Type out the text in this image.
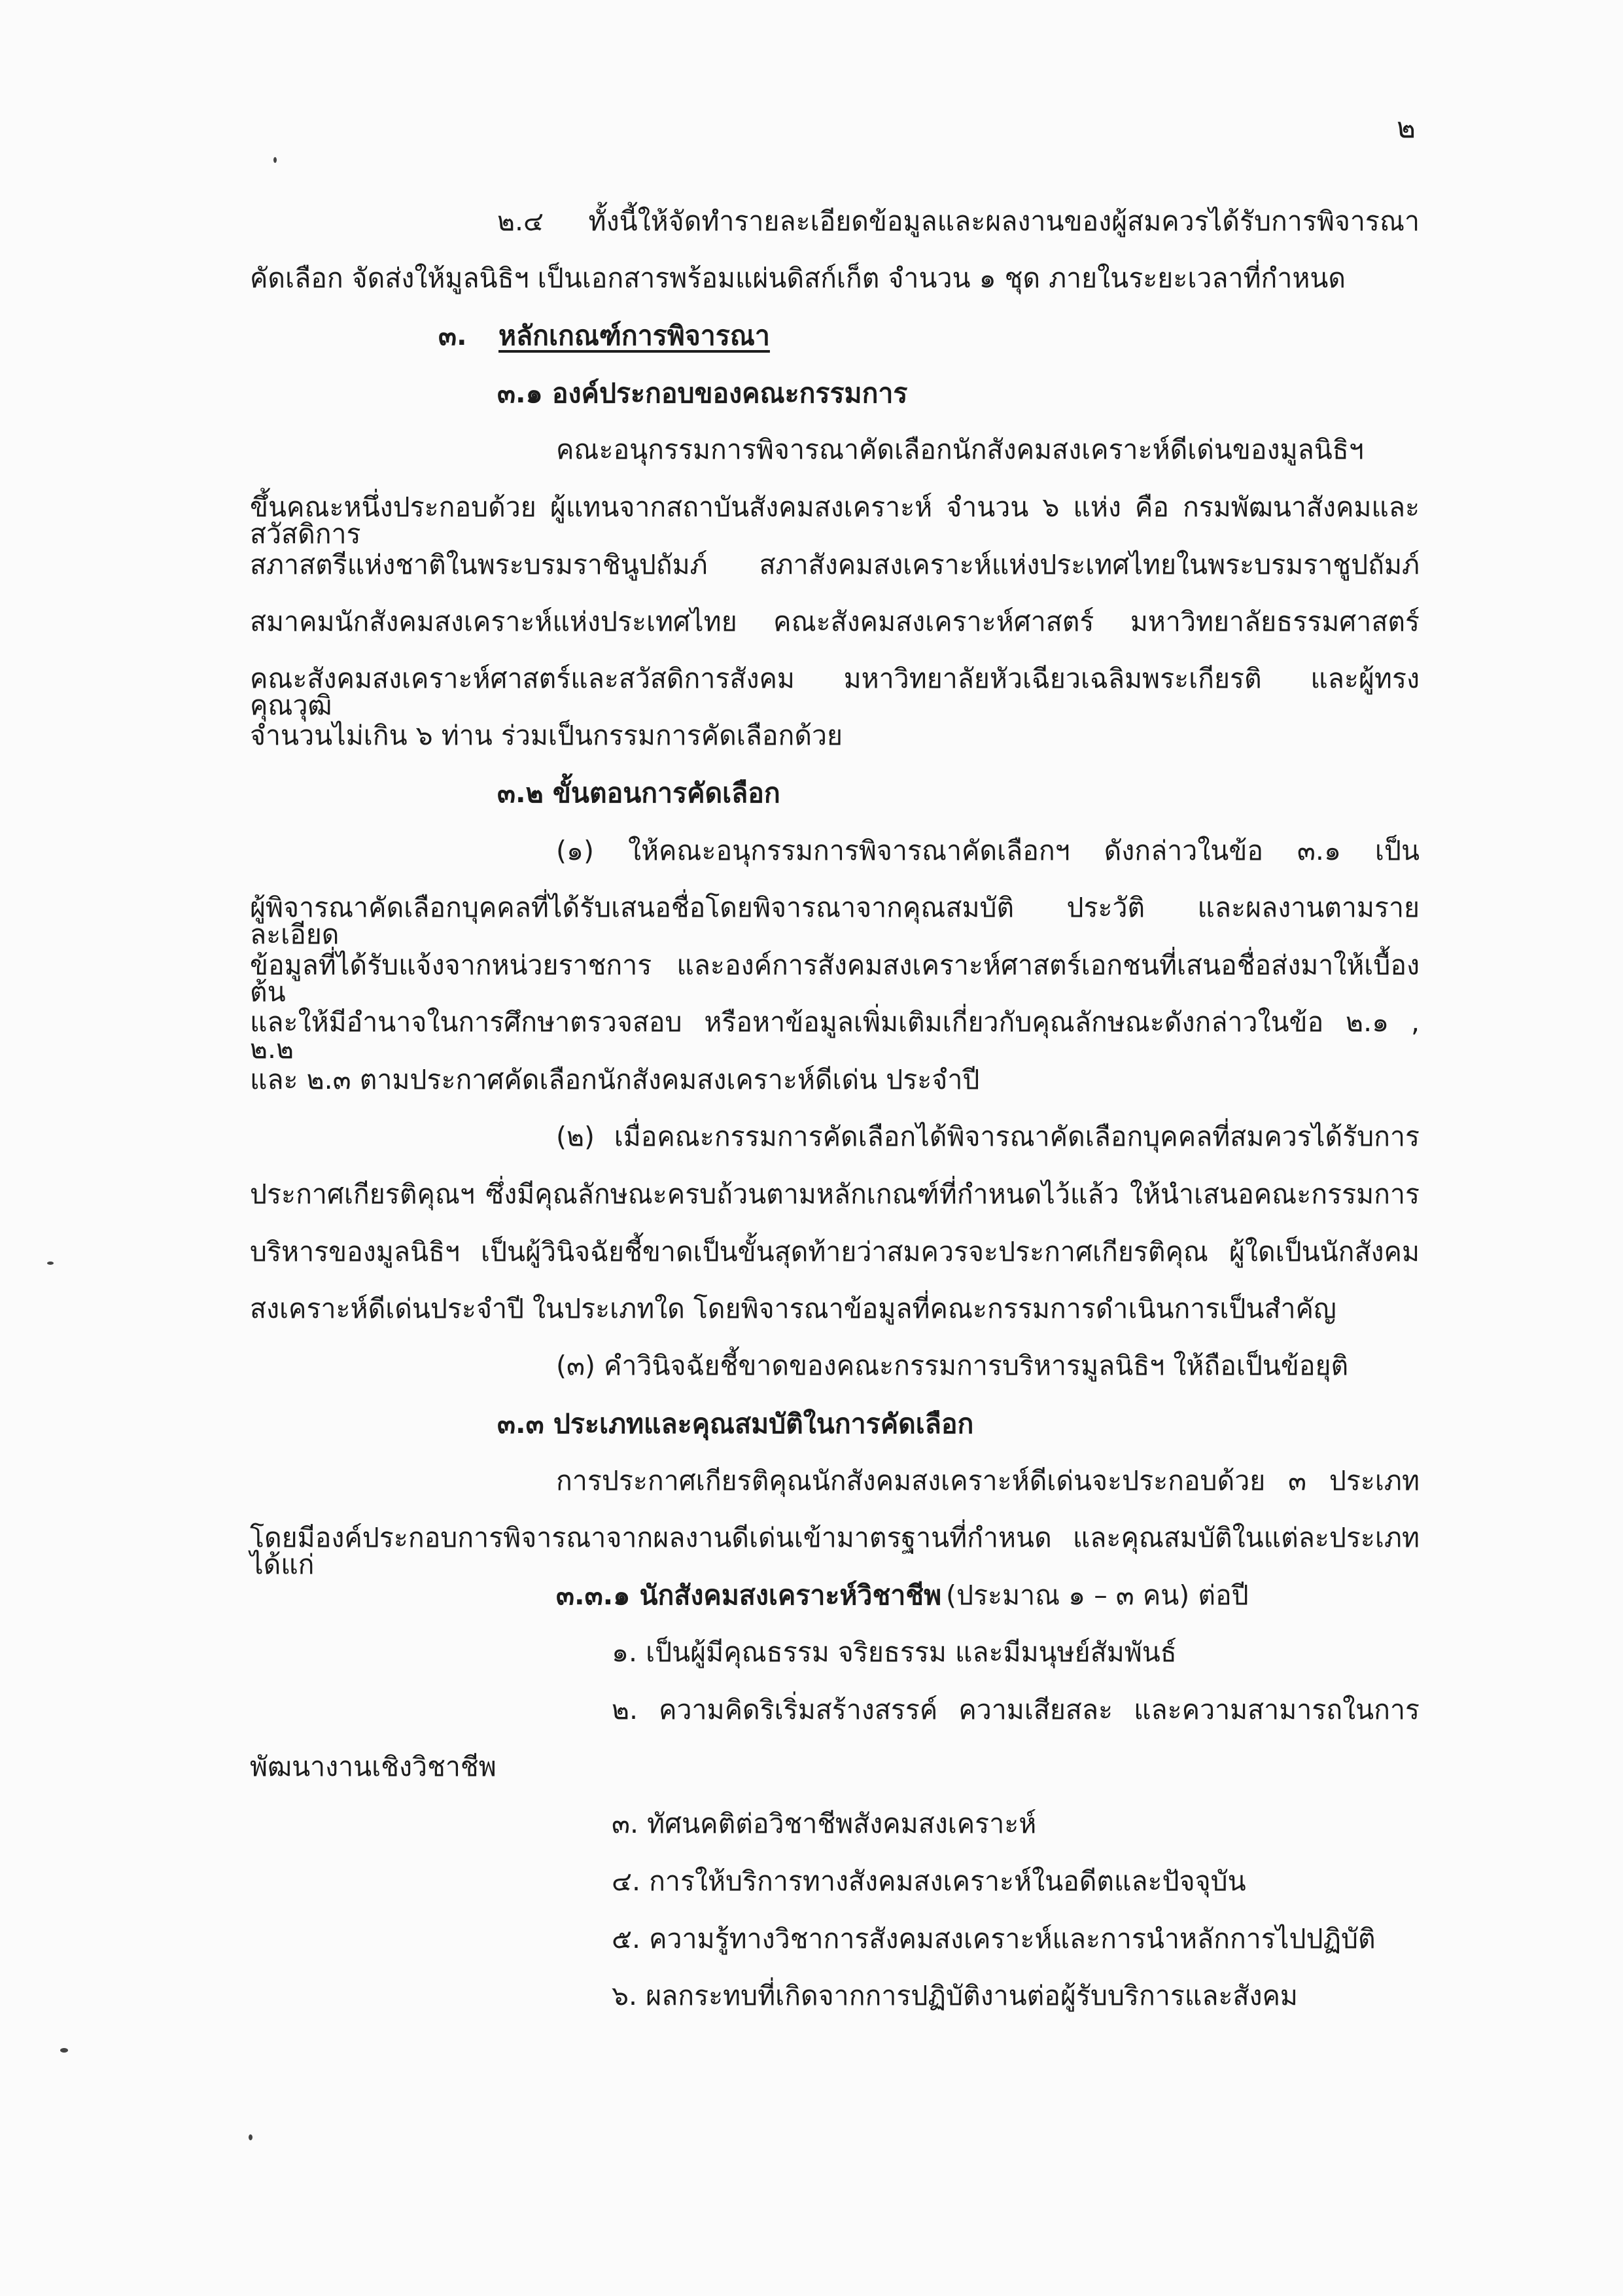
๒
๒.๔ ทั้งนี้ให้จัดทำรายละเอียดข้อมูลและผลงานของผู้สมควรได้รับการพิจารณา
คัดเลือก จัดส่งให้มูลนิธิฯ เป็นเอกสารพร้อมแผ่นดิสก์เก็ต จำนวน ๑ ชุด ภายในระยะเวลาที่กำหนด
๓. หลักเกณฑ์การพิจารณา
๓.๑ องค์ประกอบของคณะกรรมการ
คณะอนุกรรมการพิจารณาคัดเลือกนักสังคมสงเคราะห์ดีเด่นของมูลนิธิฯ
ขึ้นคณะหนึ่งประกอบด้วย ผู้แทนจากสถาบันสังคมสงเคราะห์ จำนวน ๖ แห่ง คือ กรมพัฒนาสังคมและสวัสดิการ
สภาสตรีแห่งชาติในพระบรมราชินูปถัมภ์ สภาสังคมสงเคราะห์แห่งประเทศไทยในพระบรมราชูปถัมภ์
สมาคมนักสังคมสงเคราะห์แห่งประเทศไทย คณะสังคมสงเคราะห์ศาสตร์ มหาวิทยาลัยธรรมศาสตร์
คณะสังคมสงเคราะห์ศาสตร์และสวัสดิการสังคม มหาวิทยาลัยหัวเฉียวเฉลิมพระเกียรติ และผู้ทรงคุณวุฒิ
จำนวนไม่เกิน ๖ ท่าน ร่วมเป็นกรรมการคัดเลือกด้วย
๓.๒ ขั้นตอนการคัดเลือก
(๑) ให้คณะอนุกรรมการพิจารณาคัดเลือกฯ ดังกล่าวในข้อ ๓.๑ เป็น
ผู้พิจารณาคัดเลือกบุคคลที่ได้รับเสนอชื่อโดยพิจารณาจากคุณสมบัติ ประวัติ และผลงานตามรายละเอียด
ข้อมูลที่ได้รับแจ้งจากหน่วยราชการ และองค์การสังคมสงเคราะห์ศาสตร์เอกชนที่เสนอชื่อส่งมาให้เบื้องต้น
และให้มีอำนาจในการศึกษาตรวจสอบ หรือหาข้อมูลเพิ่มเติมเกี่ยวกับคุณลักษณะดังกล่าวในข้อ ๒.๑ , ๒.๒
และ ๒.๓ ตามประกาศคัดเลือกนักสังคมสงเคราะห์ดีเด่น ประจำปี
(๒) เมื่อคณะกรรมการคัดเลือกได้พิจารณาคัดเลือกบุคคลที่สมควรได้รับการ
ประกาศเกียรติคุณฯ ซึ่งมีคุณลักษณะครบถ้วนตามหลักเกณฑ์ที่กำหนดไว้แล้ว ให้นำเสนอคณะกรรมการ
บริหารของมูลนิธิฯ เป็นผู้วินิจฉัยชี้ขาดเป็นขั้นสุดท้ายว่าสมควรจะประกาศเกียรติคุณ ผู้ใดเป็นนักสังคม
สงเคราะห์ดีเด่นประจำปี ในประเภทใด โดยพิจารณาข้อมูลที่คณะกรรมการดำเนินการเป็นสำคัญ
(๓) คำวินิจฉัยชี้ขาดของคณะกรรมการบริหารมูลนิธิฯ ให้ถือเป็นข้อยุติ
๓.๓ ประเภทและคุณสมบัติในการคัดเลือก
การประกาศเกียรติคุณนักสังคมสงเคราะห์ดีเด่นจะประกอบด้วย ๓ ประเภท
โดยมีองค์ประกอบการพิจารณาจากผลงานดีเด่นเข้ามาตรฐานที่กำหนด และคุณสมบัติในแต่ละประเภท ได้แก่
๓.๓.๑ นักสังคมสงเคราะห์วิชาชีพ (ประมาณ ๑ – ๓ คน) ต่อปี
๑. เป็นผู้มีคุณธรรม จริยธรรม และมีมนุษย์สัมพันธ์
๒. ความคิดริเริ่มสร้างสรรค์ ความเสียสละ และความสามารถในการ
พัฒนางานเชิงวิชาชีพ
๓. ทัศนคติต่อวิชาชีพสังคมสงเคราะห์
๔. การให้บริการทางสังคมสงเคราะห์ในอดีตและปัจจุบัน
๕. ความรู้ทางวิชาการสังคมสงเคราะห์และการนำหลักการไปปฏิบัติ
๖. ผลกระทบที่เกิดจากการปฏิบัติงานต่อผู้รับบริการและสังคม
